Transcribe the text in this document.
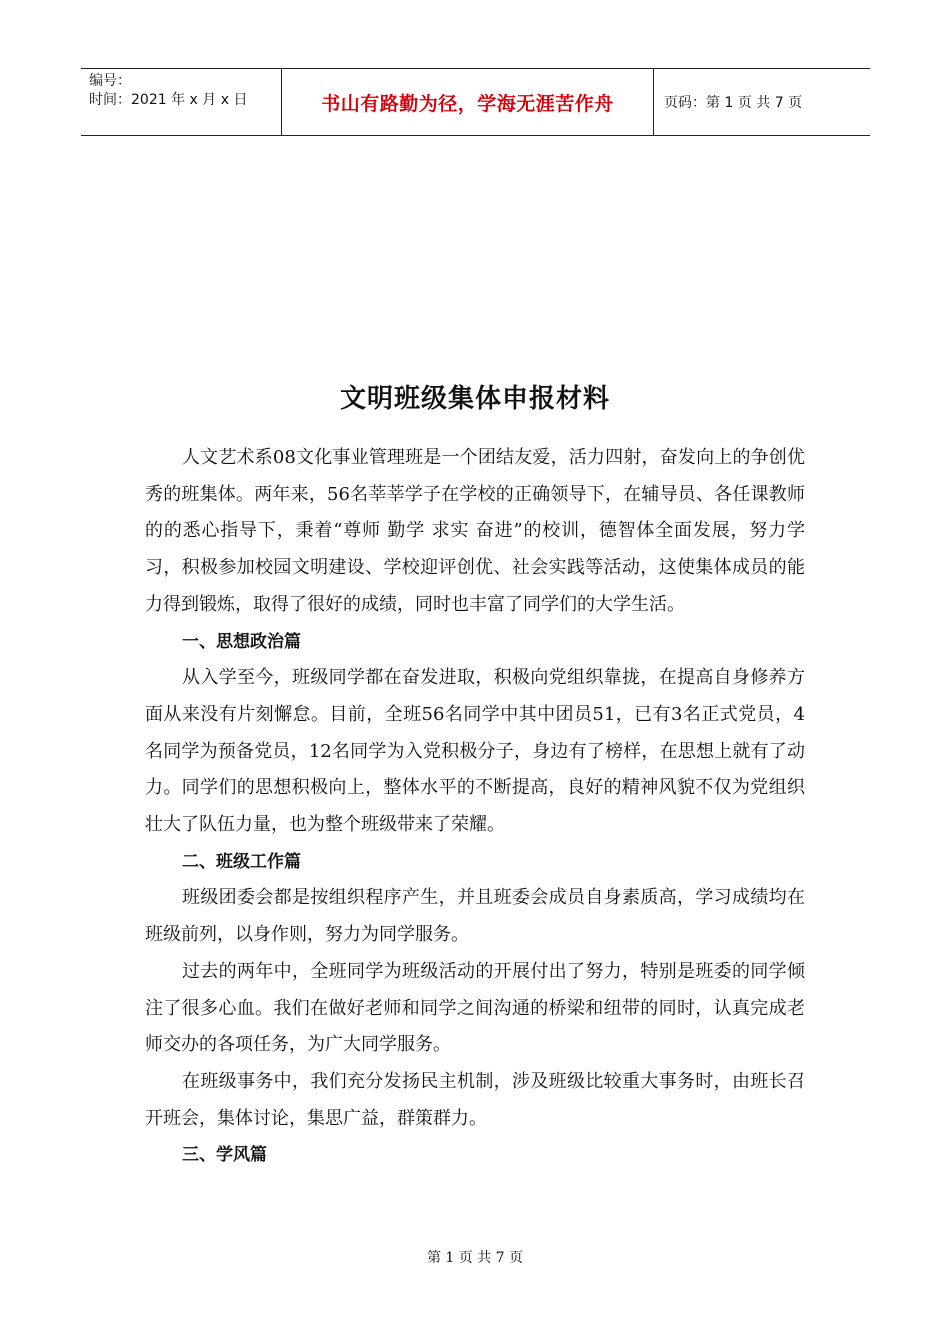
编号：
时间：2021 年 x 月 x 日	书山有路勤为径，学海无涯苦作舟	页码：第 1 页 共 7 页
文明班级集体申报材料

人文艺术系08文化事业管理班是一个团结友爱，活力四射，奋发向上的争创优秀的班集体。两年来，56名莘莘学子在学校的正确领导下，在辅导员、各任课教师的的悉心指导下，秉着“尊师 勤学 求实 奋进”的校训，德智体全面发展，努力学习，积极参加校园文明建设、学校迎评创优、社会实践等活动，这使集体成员的能力得到锻炼，取得了很好的成绩，同时也丰富了同学们的大学生活。

一、思想政治篇

从入学至今，班级同学都在奋发进取，积极向党组织靠拢，在提高自身修养方面从来没有片刻懈怠。目前，全班56名同学中其中团员51，已有3名正式党员，4名同学为预备党员，12名同学为入党积极分子，身边有了榜样，在思想上就有了动力。同学们的思想积极向上，整体水平的不断提高，良好的精神风貌不仅为党组织壮大了队伍力量，也为整个班级带来了荣耀。

二、班级工作篇

班级团委会都是按组织程序产生，并且班委会成员自身素质高，学习成绩均在班级前列，以身作则，努力为同学服务。

过去的两年中，全班同学为班级活动的开展付出了努力，特别是班委的同学倾注了很多心血。我们在做好老师和同学之间沟通的桥梁和纽带的同时，认真完成老师交办的各项任务，为广大同学服务。

在班级事务中，我们充分发扬民主机制，涉及班级比较重大事务时，由班长召开班会，集体讨论，集思广益，群策群力。

三、学风篇
第 1 页 共 7 页
